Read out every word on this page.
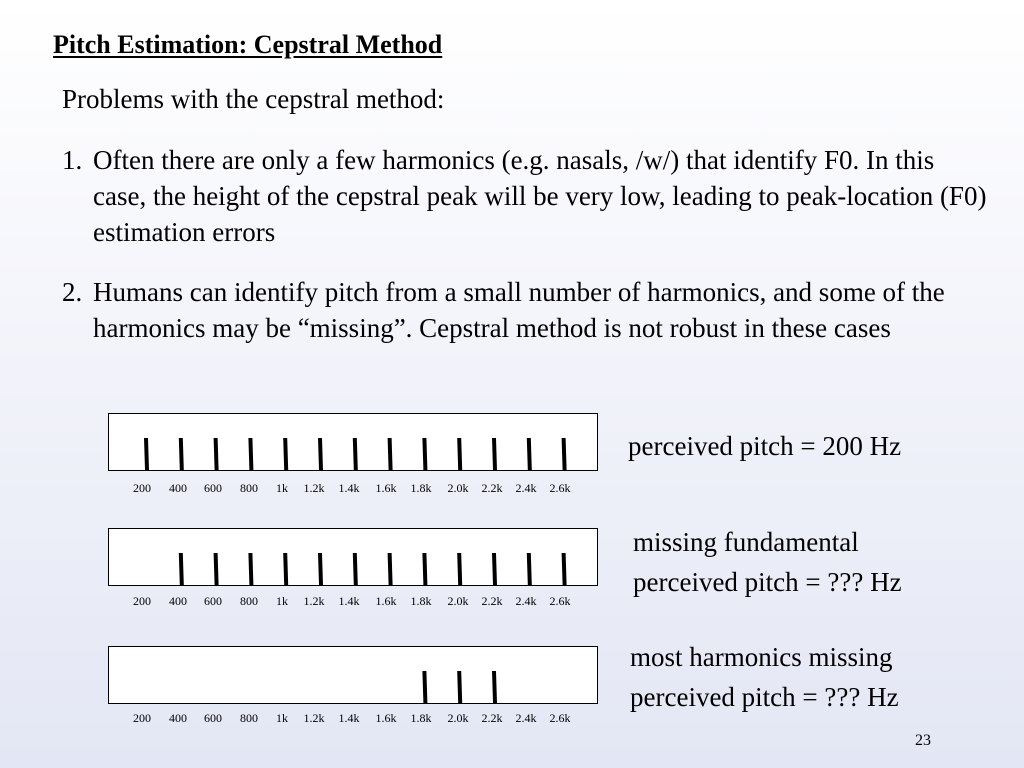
Pitch Estimation: Cepstral Method
Problems with the cepstral method:
1. Often there are only a few harmonics (e.g. nasals, /w/) that identify F0. In this case, the height of the cepstral peak will be very low, leading to peak-location (F0) estimation errors
2. Humans can identify pitch from a small number of harmonics, and some of the harmonics may be “missing”. Cepstral method is not robust in these cases
200 400 600 800 1k 1.2k 1.4k 1.6k 1.8k 2.0k 2.2k 2.4k 2.6k
perceived pitch = 200 Hz
200 400 600 800 1k 1.2k 1.4k 1.6k 1.8k 2.0k 2.2k 2.4k 2.6k
missing fundamental
perceived pitch = ??? Hz
200 400 600 800 1k 1.2k 1.4k 1.6k 1.8k 2.0k 2.2k 2.4k 2.6k
most harmonics missing
perceived pitch = ??? Hz
23
